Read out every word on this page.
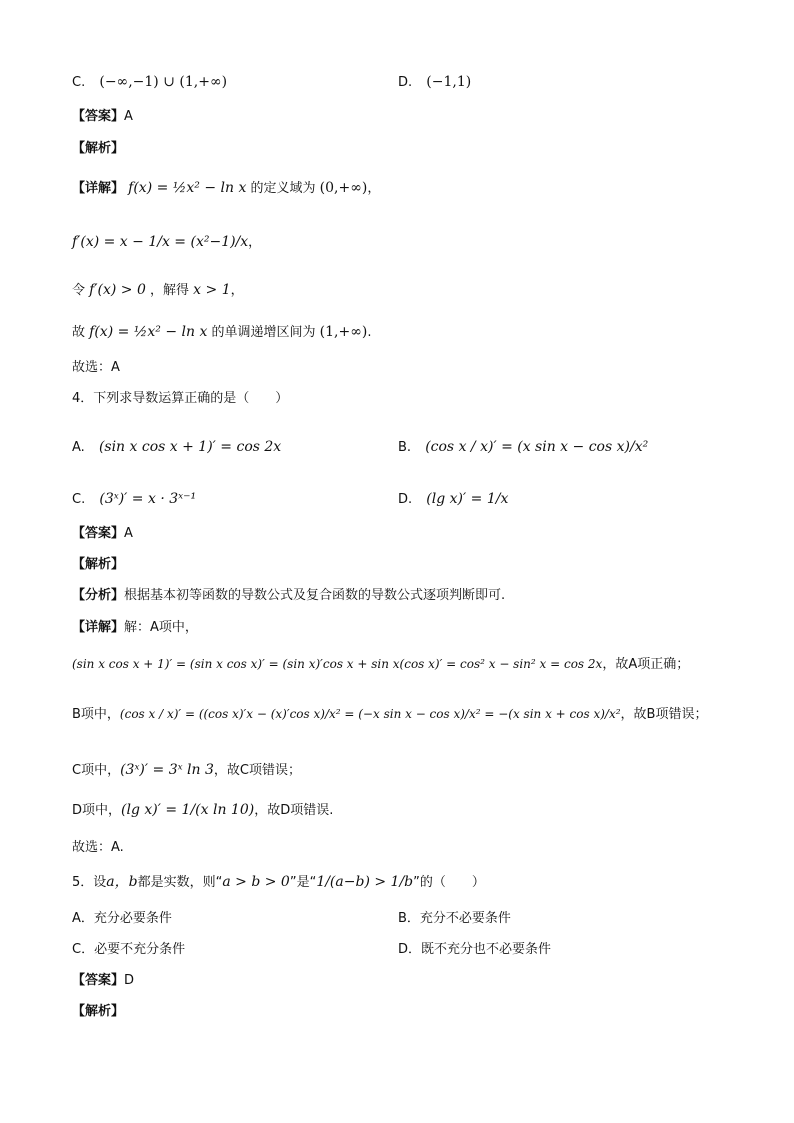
C. (−∞,−1) ∪ (1,+∞)	D. (−1,1)
【答案】A
【解析】
【详解】 f(x) = ½x² − ln x 的定义域为 (0,+∞)，
f′(x) = x − 1/x = (x²−1)/x，
令 f′(x) > 0 ，解得 x > 1，
故 f(x) = ½x² − ln x 的单调递增区间为 (1,+∞).
故选：A
4．下列求导数运算正确的是（　　）
A. (sin x cos x + 1)′ = cos 2x	B. (cos x / x)′ = (x sin x − cos x)/x²
C. (3ˣ)′ = x · 3ˣ⁻¹	D. (lg x)′ = 1/x
【答案】A
【解析】
【分析】根据基本初等函数的导数公式及复合函数的导数公式逐项判断即可.
【详解】解：A项中，
(sin x cos x + 1)′ = (sin x cos x)′ = (sin x)′cos x + sin x(cos x)′ = cos² x − sin² x = cos 2x，故A项正确；
B项中，(cos x / x)′ = ((cos x)′x − (x)′cos x)/x² = (−x sin x − cos x)/x² = −(x sin x + cos x)/x²，故B项错误；
C项中，(3ˣ)′ = 3ˣ ln 3，故C项错误；
D项中，(lg x)′ = 1/(x ln 10)，故D项错误.
故选：A.
5．设a，b都是实数，则“a > b > 0”是“1/(a−b) > 1/b”的（　　）
A．充分必要条件	B．充分不必要条件
C．必要不充分条件	D．既不充分也不必要条件
【答案】D
【解析】
